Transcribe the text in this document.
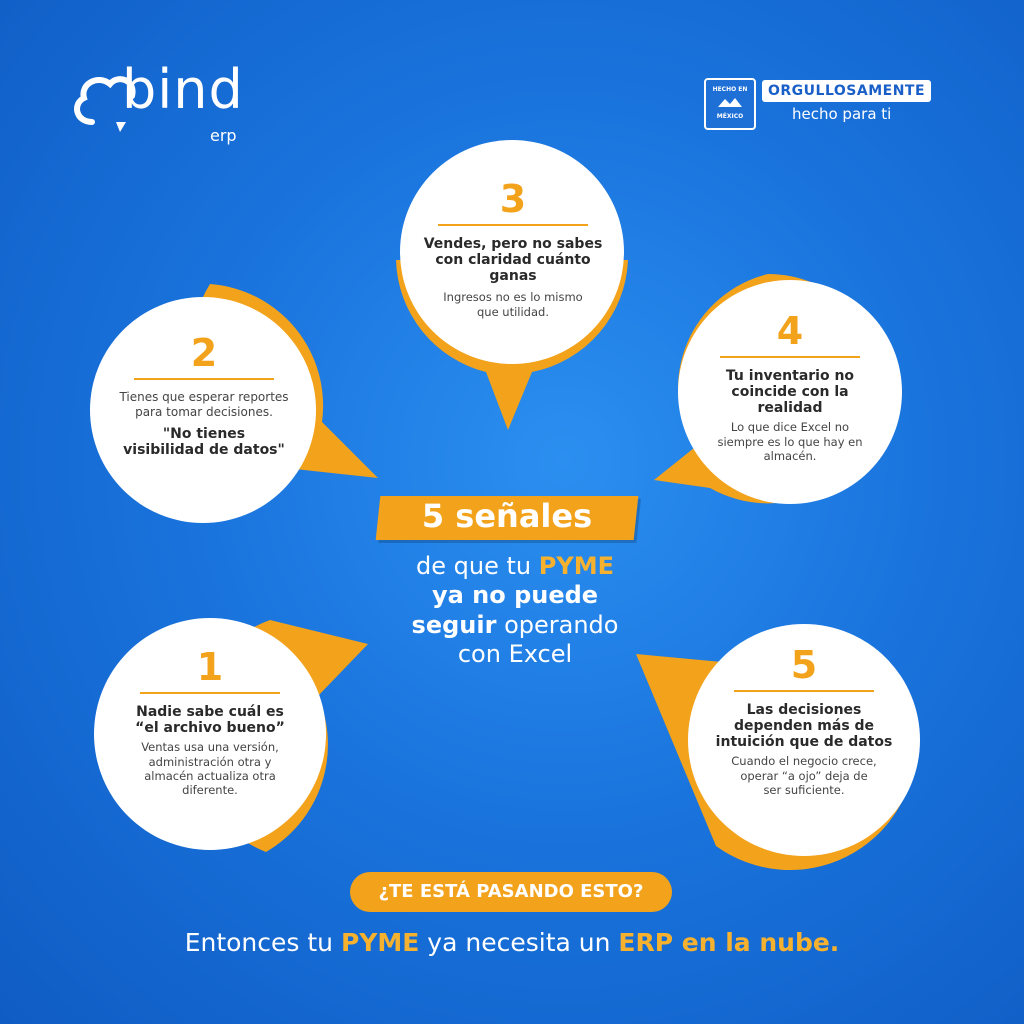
bind
erp
HECHO EN
MÉXICO
ORGULLOSAMENTE
hecho para ti
3
Vendes, pero no sabes con claridad cuánto ganas
Ingresos no es lo mismo que utilidad.
2
Tienes que esperar reportes para tomar decisiones.
"No tienes visibilidad de datos"
4
Tu inventario no coincide con la realidad
Lo que dice Excel no siempre es lo que hay en almacén.
1
Nadie sabe cuál es “el archivo bueno”
Ventas usa una versión, administración otra y almacén actualiza otra diferente.
5
Las decisiones dependen más de intuición que de datos
Cuando el negocio crece, operar “a ojo” deja de ser suficiente.
5 señales
de que tu PYME
ya no puede
seguir operando
con Excel
¿TE ESTÁ PASANDO ESTO?
Entonces tu PYME ya necesita un ERP en la nube.
